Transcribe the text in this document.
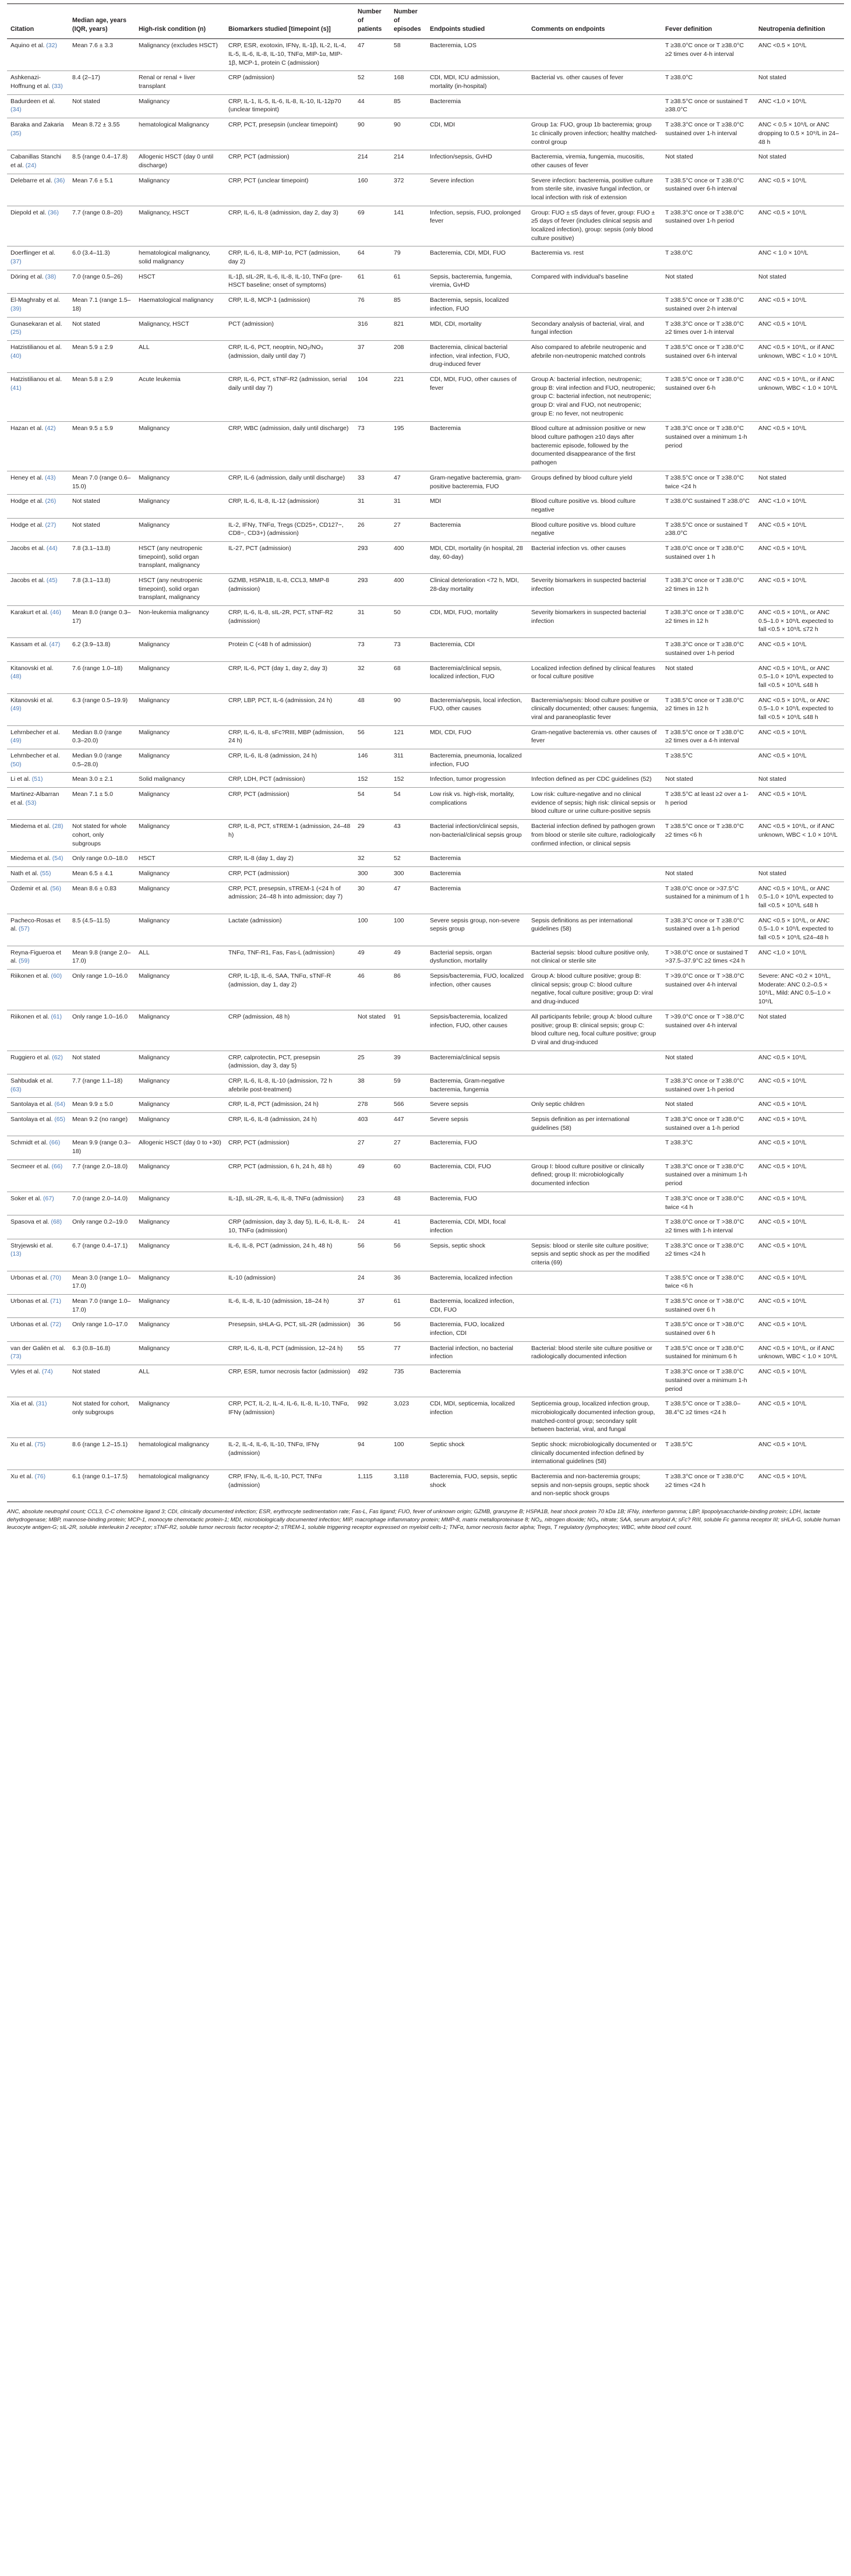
Citation	Median age, years (IQR, years)	High-risk condition (n)	Biomarkers studied [timepoint (s)]	Number of patients	Number of episodes	Endpoints studied	Comments on endpoints	Fever definition	Neutropenia definition
Aquino et al. (32)	Mean 7.6 ± 3.3	Malignancy (excludes HSCT)	CRP, ESR, exotoxin, IFNγ, IL-1β, IL-2, IL-4, IL-5, IL-6, IL-8, IL-10, TNFα, MIP-1α, MIP-1β, MCP-1, protein C (admission)	47	58	Bacteremia, LOS		T ≥38.0°C once or T ≥38.0°C ≥2 times over 4-h interval	ANC <0.5 × 10⁹/L
Ashkenazi-Hoffnung et al. (33)	8.4 (2–17)	Renal or renal + liver transplant	CRP (admission)	52	168	CDI, MDI, ICU admission, mortality (in-hospital)	Bacterial vs. other causes of fever	T ≥38.0°C	Not stated
Badurdeen et al. (34)	Not stated	Malignancy	CRP, IL-1, IL-5, IL-6, IL-8, IL-10, IL-12p70 (unclear timepoint)	44	85	Bacteremia		T ≥38.5°C once or sustained T ≥38.0°C	ANC <1.0 × 10⁹/L
Baraka and Zakaria (35)	Mean 8.72 ± 3.55	hematological Malignancy	CRP, PCT, presepsin (unclear timepoint)	90	90	CDI, MDI	Group 1a: FUO, group 1b bacteremia; group 1c clinically proven infection; healthy matched-control group	T ≥38.3°C once or T ≥38.0°C sustained over 1-h interval	ANC < 0.5 × 10⁹/L or ANC dropping to 0.5 × 10⁹/L in 24–48 h
Cabanillas Stanchi et al. (24)	8.5 (range 0.4–17.8)	Allogenic HSCT (day 0 until discharge)	CRP, PCT (admission)	214	214	Infection/sepsis, GvHD	Bacteremia, viremia, fungemia, mucositis, other causes of fever	Not stated	Not stated
Delebarre et al. (36)	Mean 7.6 ± 5.1	Malignancy	CRP, PCT (unclear timepoint)	160	372	Severe infection	Severe infection: bacteremia, positive culture from sterile site, invasive fungal infection, or local infection with risk of extension	T ≥38.5°C once or T ≥38.0°C sustained over 6-h interval	ANC <0.5 × 10⁹/L
Diepold et al. (36)	7.7 (range 0.8–20)	Malignancy, HSCT	CRP, IL-6, IL-8 (admission, day 2, day 3)	69	141	Infection, sepsis, FUO, prolonged fever	Group: FUO ± ≤5 days of fever, group: FUO ± ≥5 days of fever (includes clinical sepsis and localized infection), group: sepsis (only blood culture positive)	T ≥38.3°C once or T ≥38.0°C sustained over 1-h period	ANC <0.5 × 10⁹/L
Doerflinger et al. (37)	6.0 (3.4–11.3)	hematological malignancy, solid malignancy	CRP, IL-6, IL-8, MIP-1α, PCT (admission, day 2)	64	79	Bacteremia, CDI, MDI, FUO	Bacteremia vs. rest	T ≥38.0°C	ANC < 1.0 × 10⁹/L
Döring et al. (38)	7.0 (range 0.5–26)	HSCT	IL-1β, sIL-2R, IL-6, IL-8, IL-10, TNFα (pre-HSCT baseline; onset of symptoms)	61	61	Sepsis, bacteremia, fungemia, viremia, GvHD	Compared with individual's baseline	Not stated	Not stated
El-Maghraby et al. (39)	Mean 7.1 (range 1.5–18)	Haematological malignancy	CRP, IL-8, MCP-1 (admission)	76	85	Bacteremia, sepsis, localized infection, FUO		T ≥38.5°C once or T ≥38.0°C sustained over 2-h interval	ANC <0.5 × 10⁹/L
Gunasekaran et al. (25)	Not stated	Malignancy, HSCT	PCT (admission)	316	821	MDI, CDI, mortality	Secondary analysis of bacterial, viral, and fungal infection	T ≥38.3°C once or T ≥38.0°C ≥2 times over 1-h interval	ANC <0.5 × 10⁹/L
Hatzistilianou et al. (40)	Mean 5.9 ± 2.9	ALL	CRP, IL-6, PCT, neoptrin, NO₂/NO₃ (admission, daily until day 7)	37	208	Bacteremia, clinical bacterial infection, viral infection, FUO, drug-induced fever	Also compared to afebrile neutropenic and afebrile non-neutropenic matched controls	T ≥38.5°C once or T ≥38.0°C sustained over 6-h interval	ANC <0.5 × 10⁹/L, or if ANC unknown, WBC < 1.0 × 10⁹/L
Hatzistilianou et al. (41)	Mean 5.8 ± 2.9	Acute leukemia	CRP, IL-6, PCT, sTNF-R2 (admission, serial daily until day 7)	104	221	CDI, MDI, FUO, other causes of fever	Group A: bacterial infection, neutropenic; group B: viral infection and FUO, neutropenic; group C: bacterial infection, not neutropenic; group D: viral and FUO, not neutropenic; group E: no fever, not neutropenic	T ≥38.5°C once or T ≥38.0°C sustained over 6-h	ANC <0.5 × 10⁹/L, or if ANC unknown, WBC < 1.0 × 10⁹/L
Hazan et al. (42)	Mean 9.5 ± 5.9	Malignancy	CRP, WBC (admission, daily until discharge)	73	195	Bacteremia	Blood culture at admission positive or new blood culture pathogen ≥10 days after bacteremic episode, followed by the documented disappearance of the first pathogen	T ≥38.3°C once or T ≥38.0°C sustained over a minimum 1-h period	ANC <0.5 × 10⁹/L
Heney et al. (43)	Mean 7.0 (range 0.6–15.0)	Malignancy	CRP, IL-6 (admission, daily until discharge)	33	47	Gram-negative bacteremia, gram-positive bacteremia, FUO	Groups defined by blood culture yield	T ≥38.5°C once or T ≥38.0°C twice <24 h	Not stated
Hodge et al. (26)	Not stated	Malignancy	CRP, IL-6, IL-8, IL-12 (admission)	31	31	MDI	Blood culture positive vs. blood culture negative	T ≥38.0°C sustained T ≥38.0°C	ANC <1.0 × 10⁹/L
Hodge et al. (27)	Not stated	Malignancy	IL-2, IFNγ, TNFα, Tregs (CD25+, CD127−, CD8−, CD3+) (admission)	26	27	Bacteremia	Blood culture positive vs. blood culture negative	T ≥38.5°C once or sustained T ≥38.0°C	ANC <0.5 × 10⁹/L
Jacobs et al. (44)	7.8 (3.1–13.8)	HSCT (any neutropenic timepoint), solid organ transplant, malignancy	IL-27, PCT (admission)	293	400	MDI, CDI, mortality (in hospital, 28 day, 60-day)	Bacterial infection vs. other causes	T ≥38.0°C once or T ≥38.0°C sustained over 1 h	ANC <0.5 × 10⁹/L
Jacobs et al. (45)	7.8 (3.1–13.8)	HSCT (any neutropenic timepoint), solid organ transplant, malignancy	GZMB, HSPA1B, IL-8, CCL3, MMP-8 (admission)	293	400	Clinical deterioration <72 h, MDI, 28-day mortality	Severity biomarkers in suspected bacterial infection	T ≥38.3°C once or T ≥38.0°C ≥2 times in 12 h	ANC <0.5 × 10⁹/L
Karakurt et al. (46)	Mean 8.0 (range 0.3–17)	Non-leukemia malignancy	CRP, IL-6, IL-8, sIL-2R, PCT, sTNF-R2 (admission)	31	50	CDI, MDI, FUO, mortality	Severity biomarkers in suspected bacterial infection	T ≥38.3°C once or T ≥38.0°C ≥2 times in 12 h	ANC <0.5 × 10⁹/L, or ANC 0.5–1.0 × 10⁹/L expected to fall <0.5 × 10⁹/L ≤72 h
Kassam et al. (47)	6.2 (3.9–13.8)	Malignancy	Protein C (<48 h of admission)	73	73	Bacteremia, CDI		T ≥38.3°C once or T ≥38.0°C sustained over 1-h period	ANC <0.5 × 10⁹/L
Kitanovski et al. (48)	7.6 (range 1.0–18)	Malignancy	CRP, IL-6, PCT (day 1, day 2, day 3)	32	68	Bacteremia/clinical sepsis, localized infection, FUO	Localized infection defined by clinical features or focal culture positive	Not stated	ANC <0.5 × 10⁹/L, or ANC 0.5–1.0 × 10⁹/L expected to fall <0.5 × 10⁹/L ≤48 h
Kitanovski et al. (49)	6.3 (range 0.5–19.9)	Malignancy	CRP, LBP, PCT, IL-6 (admission, 24 h)	48	90	Bacteremia/sepsis, local infection, FUO, other causes	Bacteremia/sepsis: blood culture positive or clinically documented; other causes: fungemia, viral and paraneoplastic fever	T ≥38.5°C once or T ≥38.0°C ≥2 times in 12 h	ANC <0.5 × 10⁹/L, or ANC 0.5–1.0 × 10⁹/L expected to fall <0.5 × 10⁹/L ≤48 h
Lehrnbecher et al. (49)	Median 8.0 (range 0.3–20.0)	Malignancy	CRP, IL-6, IL-8, sFc?RIII, MBP (admission, 24 h)	56	121	MDI, CDI, FUO	Gram-negative bacteremia vs. other causes of fever	T ≥38.5°C once or T ≥38.0°C ≥2 times over a 4-h interval	ANC <0.5 × 10⁹/L
Lehrnbecher et al. (50)	Median 9.0 (range 0.5–28.0)	Malignancy	CRP, IL-6, IL-8 (admission, 24 h)	146	311	Bacteremia, pneumonia, localized infection, FUO		T ≥38.5°C	ANC <0.5 × 10⁹/L
Li et al. (51)	Mean 3.0 ± 2.1	Solid malignancy	CRP, LDH, PCT (admission)	152	152	Infection, tumor progression	Infection defined as per CDC guidelines (52)	Not stated	Not stated
Martinez-Albarran et al. (53)	Mean 7.1 ± 5.0	Malignancy	CRP, PCT (admission)	54	54	Low risk vs. high-risk, mortality, complications	Low risk: culture-negative and no clinical evidence of sepsis; high risk: clinical sepsis or blood culture or urine culture-positive sepsis	T ≥38.5°C at least ≥2 over a 1-h period	ANC <0.5 × 10⁹/L
Miedema et al. (28)	Not stated for whole cohort, only subgroups	Malignancy	CRP, IL-8, PCT, sTREM-1 (admission, 24–48 h)	29	43	Bacterial infection/clinical sepsis, non-bacterial/clinical sepsis group	Bacterial infection defined by pathogen grown from blood or sterile site culture, radiologically confirmed infection, or clinical sepsis	T ≥38.5°C once or T ≥38.0°C ≥2 times <6 h	ANC <0.5 × 10⁹/L, or if ANC unknown, WBC < 1.0 × 10⁹/L
Miedema et al. (54)	Only range 0.0–18.0	HSCT	CRP, IL-8 (day 1, day 2)	32	52	Bacteremia			
Nath et al. (55)	Mean 6.5 ± 4.1	Malignancy	CRP, PCT (admission)	300	300	Bacteremia		Not stated	Not stated
Özdemir et al. (56)	Mean 8.6 ± 0.83	Malignancy	CRP, PCT, presepsin, sTREM-1 (<24 h of admission; 24–48 h into admission; day 7)	30	47	Bacteremia		T ≥38.0°C once or >37.5°C sustained for a minimum of 1 h	ANC <0.5 × 10⁹/L, or ANC 0.5–1.0 × 10⁹/L expected to fall <0.5 × 10⁹/L ≤48 h
Pacheco-Rosas et al. (57)	8.5 (4.5–11.5)	Malignancy	Lactate (admission)	100	100	Severe sepsis group, non-severe sepsis group	Sepsis definitions as per international guidelines (58)	T ≥38.3°C once or T ≥38.0°C sustained over a 1-h period	ANC <0.5 × 10⁹/L, or ANC 0.5–1.0 × 10⁹/L expected to fall <0.5 × 10⁹/L ≤24–48 h
Reyna-Figueroa et al. (59)	Mean 9.8 (range 2.0–17.0)	ALL	TNFα, TNF-R1, Fas, Fas-L (admission)	49	49	Bacterial sepsis, organ dysfunction, mortality	Bacterial sepsis: blood culture positive only, not clinical or sterile site	T >38.0°C once or sustained T >37.5–37.9°C ≥2 times <24 h	ANC <1.0 × 10⁹/L
Riikonen et al. (60)	Only range 1.0–16.0	Malignancy	CRP, IL-1β, IL-6, SAA, TNFα, sTNF-R (admission, day 1, day 2)	46	86	Sepsis/bacteremia, FUO, localized infection, other causes	Group A: blood culture positive; group B: clinical sepsis; group C: blood culture negative, focal culture positive; group D: viral and drug-induced	T >39.0°C once or T >38.0°C sustained over 4-h interval	Severe: ANC <0.2 × 10⁹/L, Moderate: ANC 0.2–0.5 × 10⁹/L, Mild: ANC 0.5–1.0 × 10⁹/L
Riikonen et al. (61)	Only range 1.0–16.0	Malignancy	CRP (admission, 48 h)	Not stated	91	Sepsis/bacteremia, localized infection, FUO, other causes	All participants febrile; group A: blood culture positive; group B: clinical sepsis; group C: blood culture neg, focal culture positive; group D viral and drug-induced	T >39.0°C once or T >38.0°C sustained over 4-h interval	Not stated
Ruggiero et al. (62)	Not stated	Malignancy	CRP, calprotectin, PCT, presepsin (admission, day 3, day 5)	25	39	Bacteremia/clinical sepsis		Not stated	ANC <0.5 × 10⁹/L
Sahbudak et al. (63)	7.7 (range 1.1–18)	Malignancy	CRP, IL-6, IL-8, IL-10 (admission, 72 h afebrile post-treatment)	38	59	Bacteremia, Gram-negative bacteremia, fungemia		T ≥38.3°C once or T ≥38.0°C sustained over 1-h period	ANC <0.5 × 10⁹/L
Santolaya et al. (64)	Mean 9.9 ± 5.0	Malignancy	CRP, IL-8, PCT (admission, 24 h)	278	566	Severe sepsis	Only septic children	Not stated	ANC <0.5 × 10⁹/L
Santolaya et al. (65)	Mean 9.2 (no range)	Malignancy	CRP, IL-6, IL-8 (admission, 24 h)	403	447	Severe sepsis	Sepsis definition as per international guidelines (58)	T ≥38.3°C once or T ≥38.0°C sustained over a 1-h period	ANC <0.5 × 10⁹/L
Schmidt et al. (66)	Mean 9.9 (range 0.3–18)	Allogenic HSCT (day 0 to +30)	CRP, PCT (admission)	27	27	Bacteremia, FUO		T ≥38.3°C	ANC <0.5 × 10⁹/L
Secmeer et al. (66)	7.7 (range 2.0–18.0)	Malignancy	CRP, PCT (admission, 6 h, 24 h, 48 h)	49	60	Bacteremia, CDI, FUO	Group I: blood culture positive or clinically defined; group II: microbiologically documented infection	T ≥38.3°C once or T ≥38.0°C sustained over a minimum 1-h period	ANC <0.5 × 10⁹/L
Soker et al. (67)	7.0 (range 2.0–14.0)	Malignancy	IL-1β, sIL-2R, IL-6, IL-8, TNFα (admission)	23	48	Bacteremia, FUO		T ≥38.3°C once or T ≥38.0°C twice <4 h	ANC <0.5 × 10⁹/L
Spasova et al. (68)	Only range 0.2–19.0	Malignancy	CRP (admission, day 3, day 5), IL-6, IL-8, IL-10, TNFα (admission)	24	41	Bacteremia, CDI, MDI, focal infection		T ≥38.0°C once or T >38.0°C ≥2 times with 1-h interval	ANC <0.5 × 10⁹/L
Stryjewski et al. (13)	6.7 (range 0.4–17.1)	Malignancy	IL-6, IL-8, PCT (admission, 24 h, 48 h)	56	56	Sepsis, septic shock	Sepsis: blood or sterile site culture positive; sepsis and septic shock as per the modified criteria (69)	T ≥38.3°C once or T ≥38.0°C ≥2 times <24 h	ANC <0.5 × 10⁹/L
Urbonas et al. (70)	Mean 3.0 (range 1.0–17.0)	Malignancy	IL-10 (admission)	24	36	Bacteremia, localized infection		T ≥38.5°C once or T ≥38.0°C twice <6 h	ANC <0.5 × 10⁹/L
Urbonas et al. (71)	Mean 7.0 (range 1.0–17.0)	Malignancy	IL-6, IL-8, IL-10 (admission, 18–24 h)	37	61	Bacteremia, localized infection, CDI, FUO		T ≥38.5°C once or T >38.0°C sustained over 6 h	ANC <0.5 × 10⁹/L
Urbonas et al. (72)	Only range 1.0–17.0	Malignancy	Presepsin, sHLA-G, PCT, sIL-2R (admission)	36	56	Bacteremia, FUO, localized infection, CDI		T ≥38.5°C once or T >38.0°C sustained over 6 h	ANC <0.5 × 10⁹/L
van der Galiën et al. (73)	6.3 (0.8–16.8)	Malignancy	CRP, IL-6, IL-8, PCT (admission, 12–24 h)	55	77	Bacterial infection, no bacterial infection	Bacterial: blood sterile site culture positive or radiologically documented infection	T ≥38.5°C once or T ≥38.0°C sustained for minimum 6 h	ANC <0.5 × 10⁹/L, or if ANC unknown, WBC < 1.0 × 10⁹/L
Vyles et al. (74)	Not stated	ALL	CRP, ESR, tumor necrosis factor (admission)	492	735	Bacteremia		T ≥38.3°C once or T ≥38.0°C sustained over a minimum 1-h period	ANC <0.5 × 10⁹/L
Xia et al. (31)	Not stated for cohort, only subgroups	Malignancy	CRP, PCT, IL-2, IL-4, IL-6, IL-8, IL-10, TNFα, IFNγ (admission)	992	3,023	CDI, MDI, septicemia, localized infection	Septicemia group, localized infection group, microbiologically documented infection group, matched-control group; secondary split between bacterial, viral, and fungal	T ≥38.5°C once or T ≥38.0–38.4°C ≥2 times <24 h	ANC <0.5 × 10⁹/L
Xu et al. (75)	8.6 (range 1.2–15.1)	hematological malignancy	IL-2, IL-4, IL-6, IL-10, TNFα, IFNγ (admission)	94	100	Septic shock	Septic shock: microbiologically documented or clinically documented infection defined by international guidelines (58)	T ≥38.5°C	ANC <0.5 × 10⁹/L
Xu et al. (76)	6.1 (range 0.1–17.5)	hematological malignancy	CRP, IFNγ, IL-6, IL-10, PCT, TNFα (admission)	1,115	3,118	Bacteremia, FUO, sepsis, septic shock	Bacteremia and non-bacteremia groups; sepsis and non-sepsis groups, septic shock and non-septic shock groups	T ≥38.3°C once or T ≥38.0°C ≥2 times <24 h	ANC <0.5 × 10⁹/L
ANC, absolute neutrophil count; CCL3, C-C chemokine ligand 3; CDI, clinically documented infection; ESR, erythrocyte sedimentation rate; Fas-L, Fas ligand; FUO, fever of unknown origin; GZMB, granzyme B; HSPA1B, heat shock protein 70 kDa 1B; IFNγ, interferon gamma; LBP, lipopolysaccharide-binding protein; LDH, lactate dehydrogenase; MBP, mannose-binding protein; MCP-1, monocyte chemotactic protein-1; MDI, microbiologically documented infection; MIP, macrophage inflammatory protein; MMP-8, matrix metalloproteinase 8; NO₂, nitrogen dioxide; NO₃, nitrate; SAA, serum amyloid A; sFc? RIII, soluble Fc gamma receptor III; sHLA-G, soluble human leucocyte antigen-G; sIL-2R, soluble interleukin 2 receptor; sTNF-R2, soluble tumor necrosis factor receptor-2; sTREM-1, soluble triggering receptor expressed on myeloid cells-1; TNFα, tumor necrosis factor alpha; Tregs, T regulatory (lymphocytes; WBC, white blood cell count.
